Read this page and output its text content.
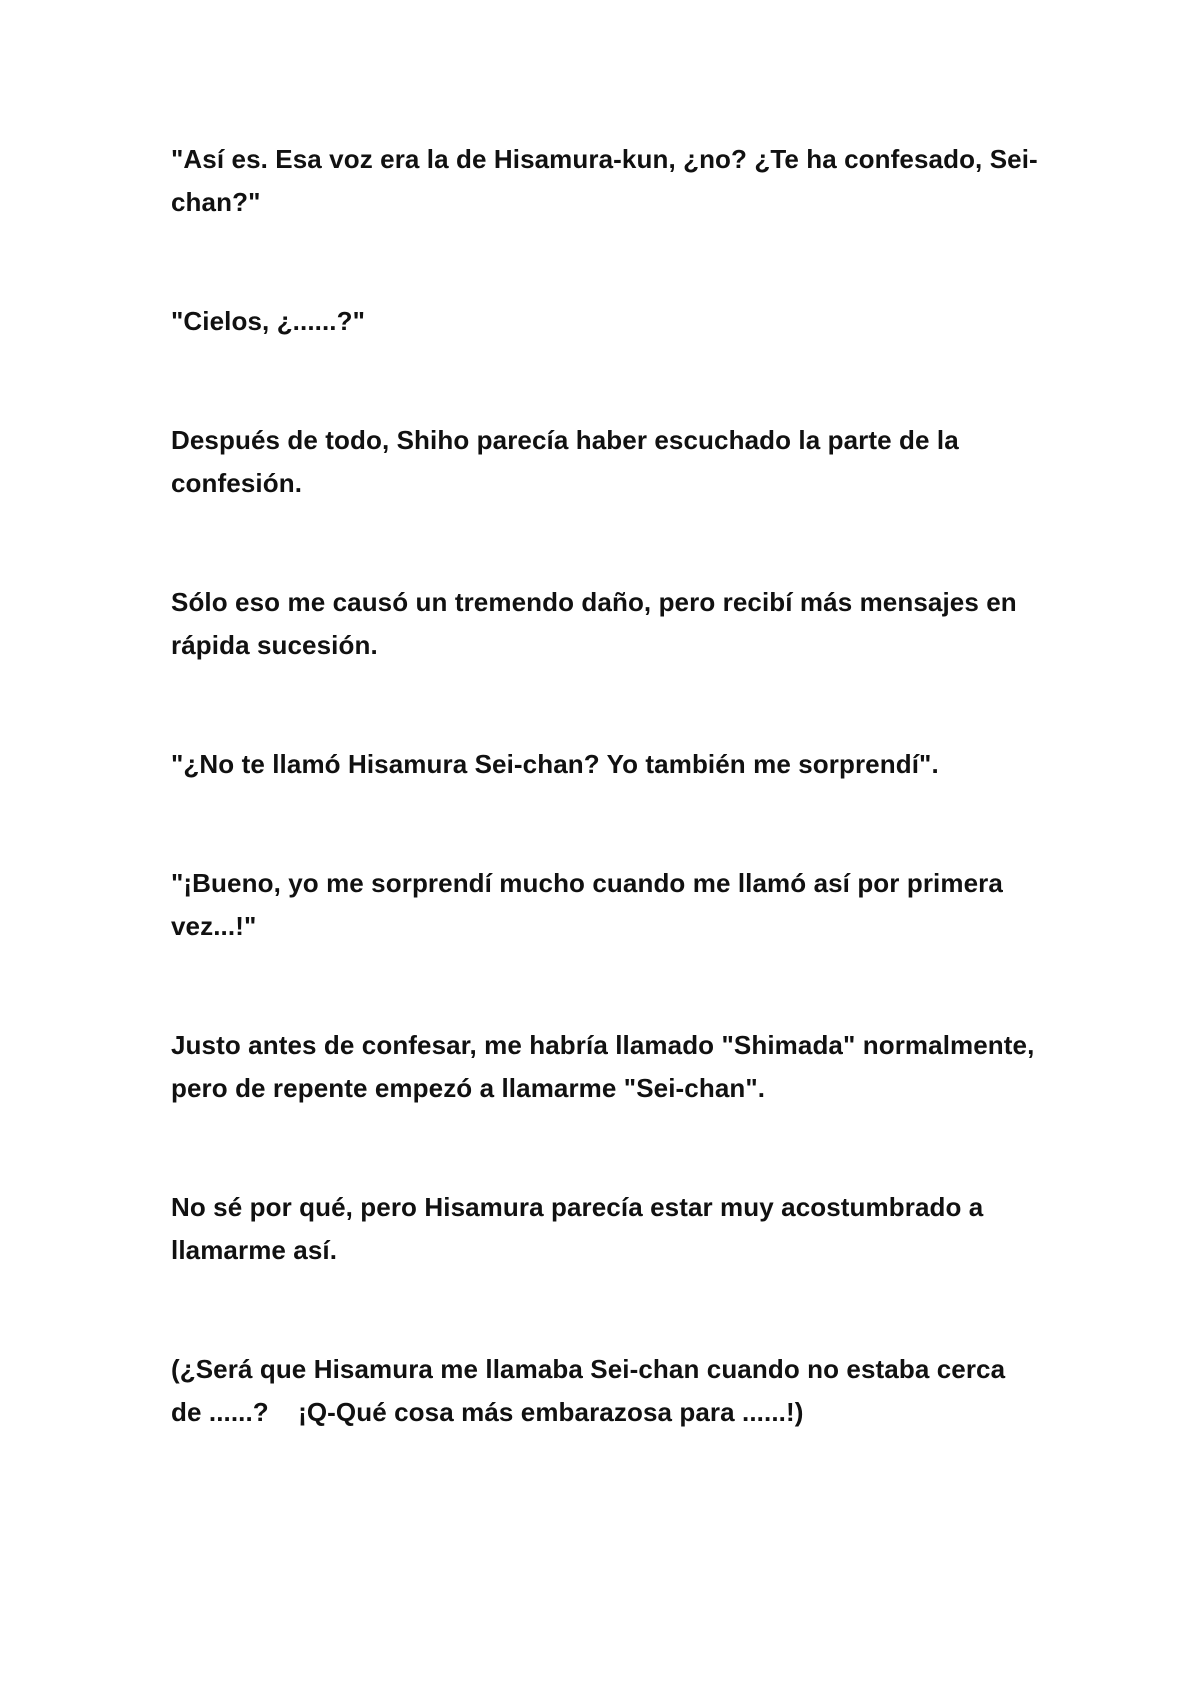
"Así es. Esa voz era la de Hisamura-kun, ¿no? ¿Te ha confesado, Sei-chan?"

"Cielos, ¿......?"

Después de todo, Shiho parecía haber escuchado la parte de la confesión.

Sólo eso me causó un tremendo daño, pero recibí más mensajes en rápida sucesión.

"¿No te llamó Hisamura Sei-chan? Yo también me sorprendí".

"¡Bueno, yo me sorprendí mucho cuando me llamó así por primera vez...!"

Justo antes de confesar, me habría llamado "Shimada" normalmente, pero de repente empezó a llamarme "Sei-chan".

No sé por qué, pero Hisamura parecía estar muy acostumbrado a llamarme así.

(¿Será que Hisamura me llamaba Sei-chan cuando no estaba cerca de ......?    ¡Q-Qué cosa más embarazosa para ......!)
